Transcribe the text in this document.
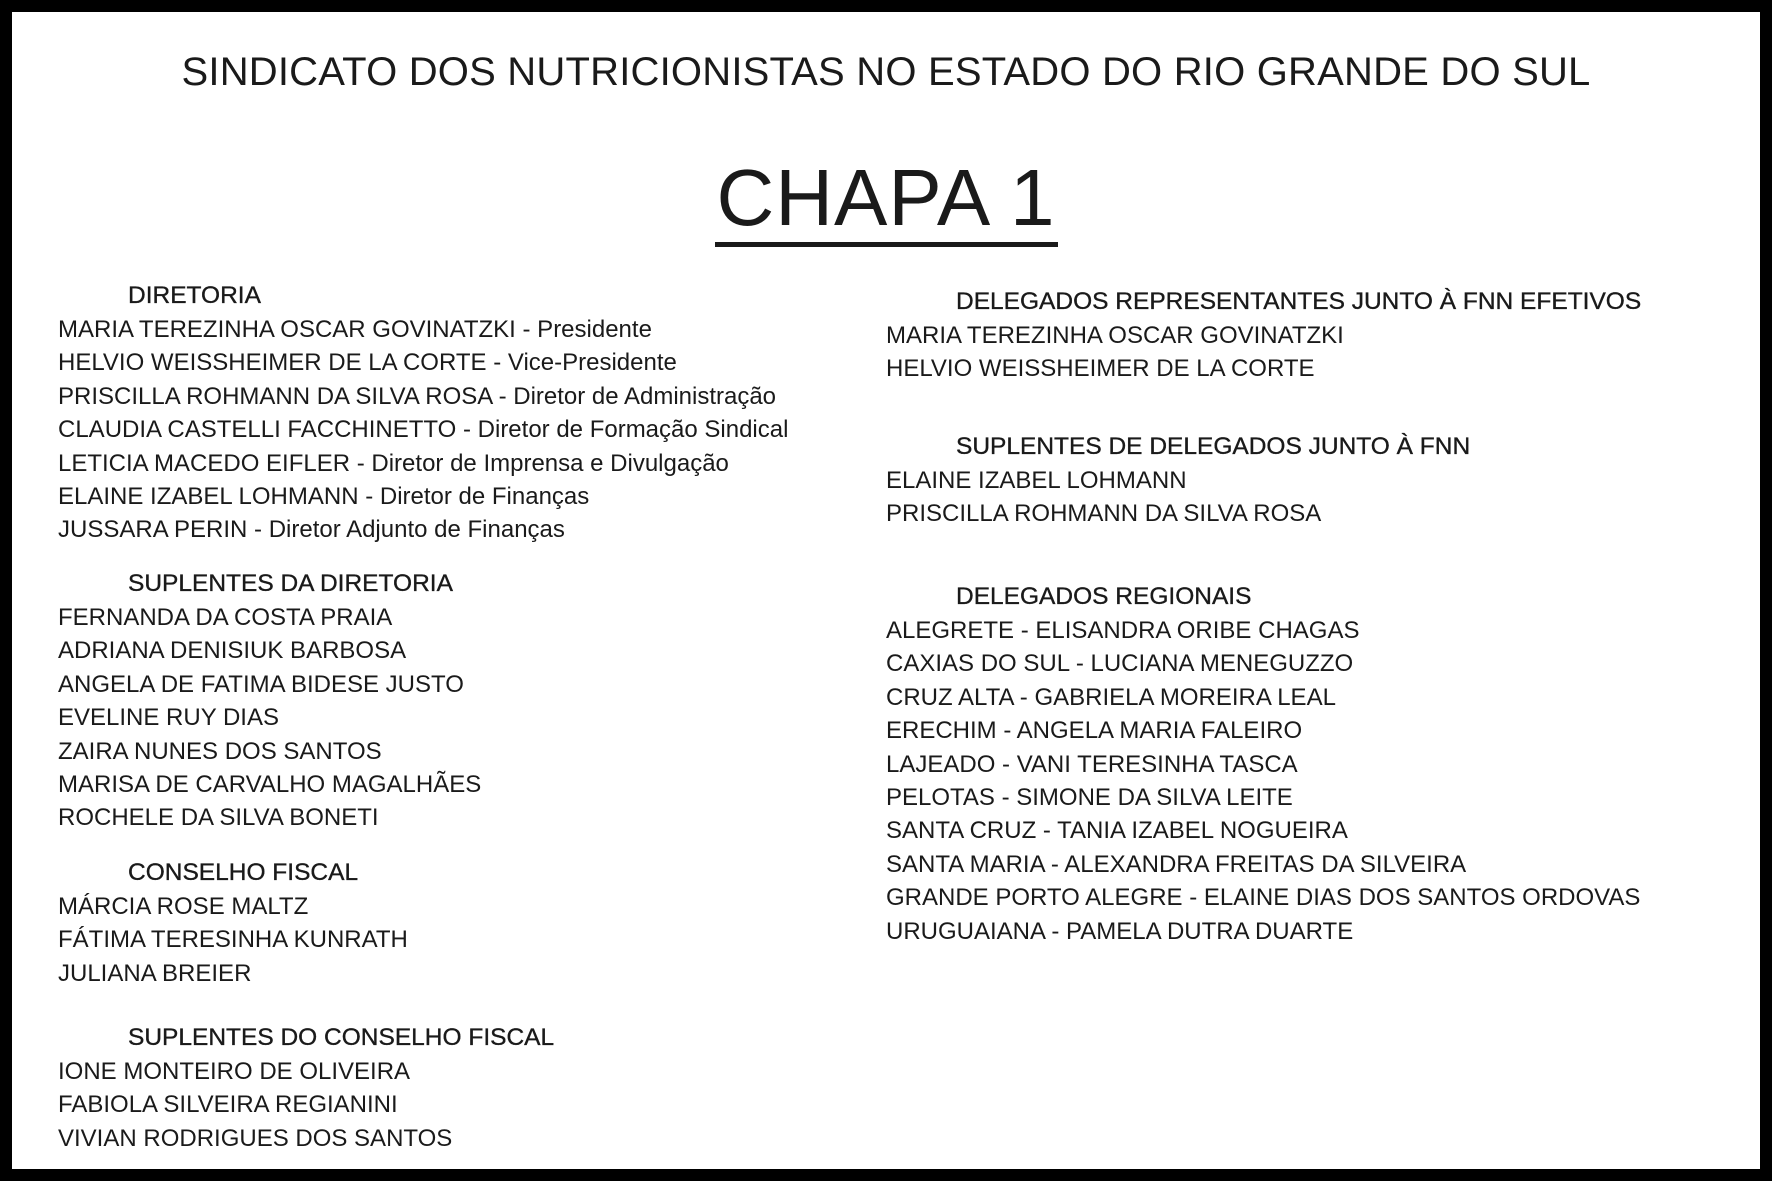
SINDICATO DOS NUTRICIONISTAS NO ESTADO DO RIO GRANDE DO SUL
CHAPA 1
DIRETORIA
MARIA TEREZINHA OSCAR GOVINATZKI - Presidente
HELVIO WEISSHEIMER DE LA CORTE - Vice-Presidente
PRISCILLA ROHMANN DA SILVA ROSA - Diretor de Administração
CLAUDIA CASTELLI FACCHINETTO - Diretor de Formação Sindical
LETICIA MACEDO EIFLER - Diretor de Imprensa e Divulgação
ELAINE IZABEL LOHMANN - Diretor de Finanças
JUSSARA PERIN - Diretor Adjunto de Finanças
SUPLENTES DA DIRETORIA
FERNANDA DA COSTA PRAIA
ADRIANA DENISIUK BARBOSA
ANGELA DE FATIMA BIDESE JUSTO
EVELINE RUY DIAS
ZAIRA NUNES DOS SANTOS
MARISA DE CARVALHO MAGALHÃES
ROCHELE DA SILVA BONETI
CONSELHO FISCAL
MÁRCIA ROSE MALTZ
FÁTIMA TERESINHA KUNRATH
JULIANA BREIER
SUPLENTES DO CONSELHO FISCAL
IONE MONTEIRO DE OLIVEIRA
FABIOLA SILVEIRA REGIANINI
VIVIAN RODRIGUES DOS SANTOS
DELEGADOS REPRESENTANTES JUNTO À FNN EFETIVOS
MARIA TEREZINHA OSCAR GOVINATZKI
HELVIO WEISSHEIMER DE LA CORTE
SUPLENTES DE DELEGADOS JUNTO À FNN
ELAINE IZABEL LOHMANN
PRISCILLA ROHMANN DA SILVA ROSA
DELEGADOS REGIONAIS
ALEGRETE - ELISANDRA ORIBE CHAGAS
CAXIAS DO SUL - LUCIANA MENEGUZZO
CRUZ ALTA - GABRIELA MOREIRA LEAL
ERECHIM - ANGELA MARIA FALEIRO
LAJEADO - VANI TERESINHA TASCA
PELOTAS - SIMONE DA SILVA LEITE
SANTA CRUZ - TANIA IZABEL NOGUEIRA
SANTA MARIA - ALEXANDRA FREITAS DA SILVEIRA
GRANDE PORTO ALEGRE - ELAINE DIAS DOS SANTOS ORDOVAS
URUGUAIANA - PAMELA DUTRA DUARTE
